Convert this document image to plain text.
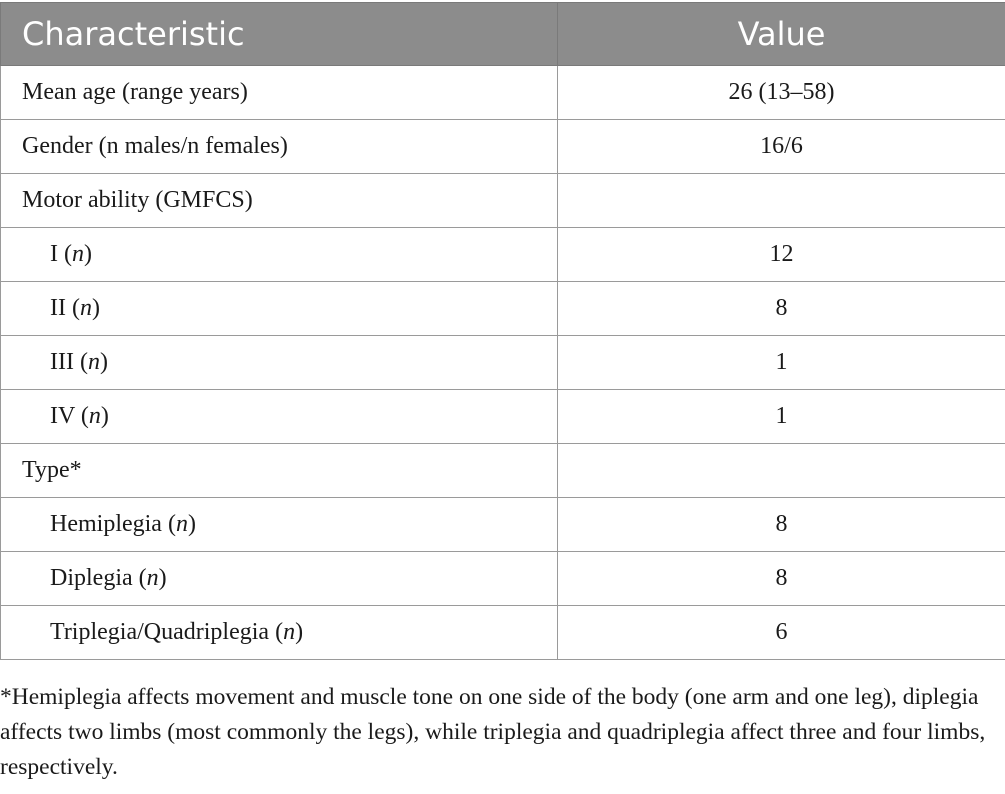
Characteristic	Value
Mean age (range years)	26 (13–58)
Gender (n males/n females)	16/6
Motor ability (GMFCS)	
I (n)	12
II (n)	8
III (n)	1
IV (n)	1
Type*	
Hemiplegia (n)	8
Diplegia (n)	8
Triplegia/Quadriplegia (n)	6
*Hemiplegia affects movement and muscle tone on one side of the body (one arm and one leg), diplegia affects two limbs (most commonly the legs), while triplegia and quadriplegia affect three and four limbs, respectively.
